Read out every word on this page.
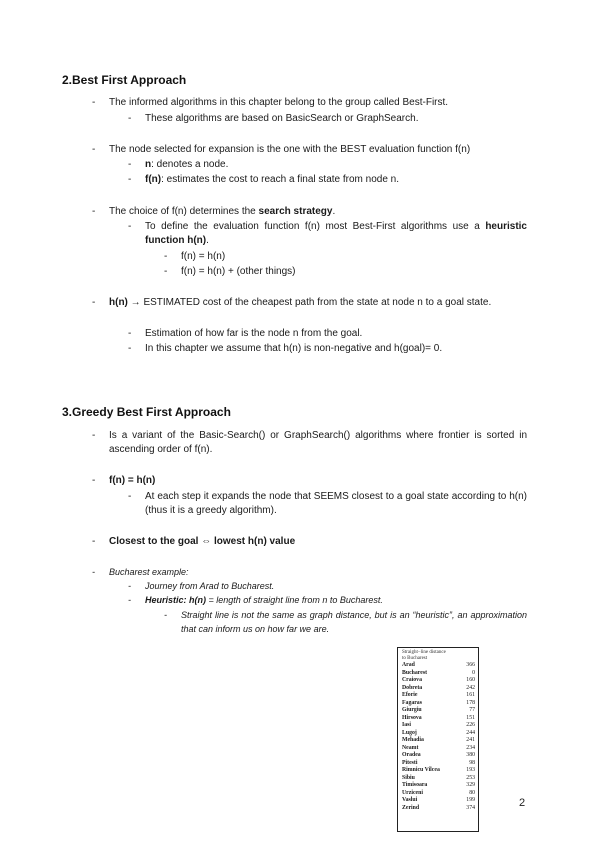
2.Best First Approach
- The informed algorithms in this chapter belong to the group called Best-First.
- These algorithms are based on BasicSearch or GraphSearch.
- The node selected for expansion is the one with the BEST evaluation function f(n)
- n: denotes a node.
- f(n): estimates the cost to reach a final state from node n.
- The choice of f(n) determines the search strategy.
- To define the evaluation function f(n) most Best-First algorithms use a heuristic function h(n).
- f(n) = h(n)
- f(n) = h(n) + (other things)
- h(n) → ESTIMATED cost of the cheapest path from the state at node n to a goal state.
- Estimation of how far is the node n from the goal.
- In this chapter we assume that h(n) is non-negative and h(goal)= 0.
3.Greedy Best First Approach
- Is a variant of the Basic-Search() or GraphSearch() algorithms where frontier is sorted in ascending order of f(n).
- f(n) = h(n)
- At each step it expands the node that SEEMS closest to a goal state according to h(n) (thus it is a greedy algorithm).
- Closest to the goal ⇔ lowest h(n) value
- Bucharest example:
- Journey from Arad to Bucharest.
- Heuristic: h(n) = length of straight line from n to Bucharest.
- Straight line is not the same as graph distance, but is an “heuristic”, an approximation that can inform us on how far we are.
Straight−line distance
to Bucharest
Arad	366
Bucharest	0
Craiova	160
Dobreta	242
Eforie	161
Fagaras	178
Giurgiu	77
Hirsova	151
Iasi	226
Lugoj	244
Mehadia	241
Neamt	234
Oradea	380
Pitesti	98
Rimnicu Vilcea	193
Sibiu	253
Timisoara	329
Urziceni	80
Vaslui	199
Zerind	374	2
